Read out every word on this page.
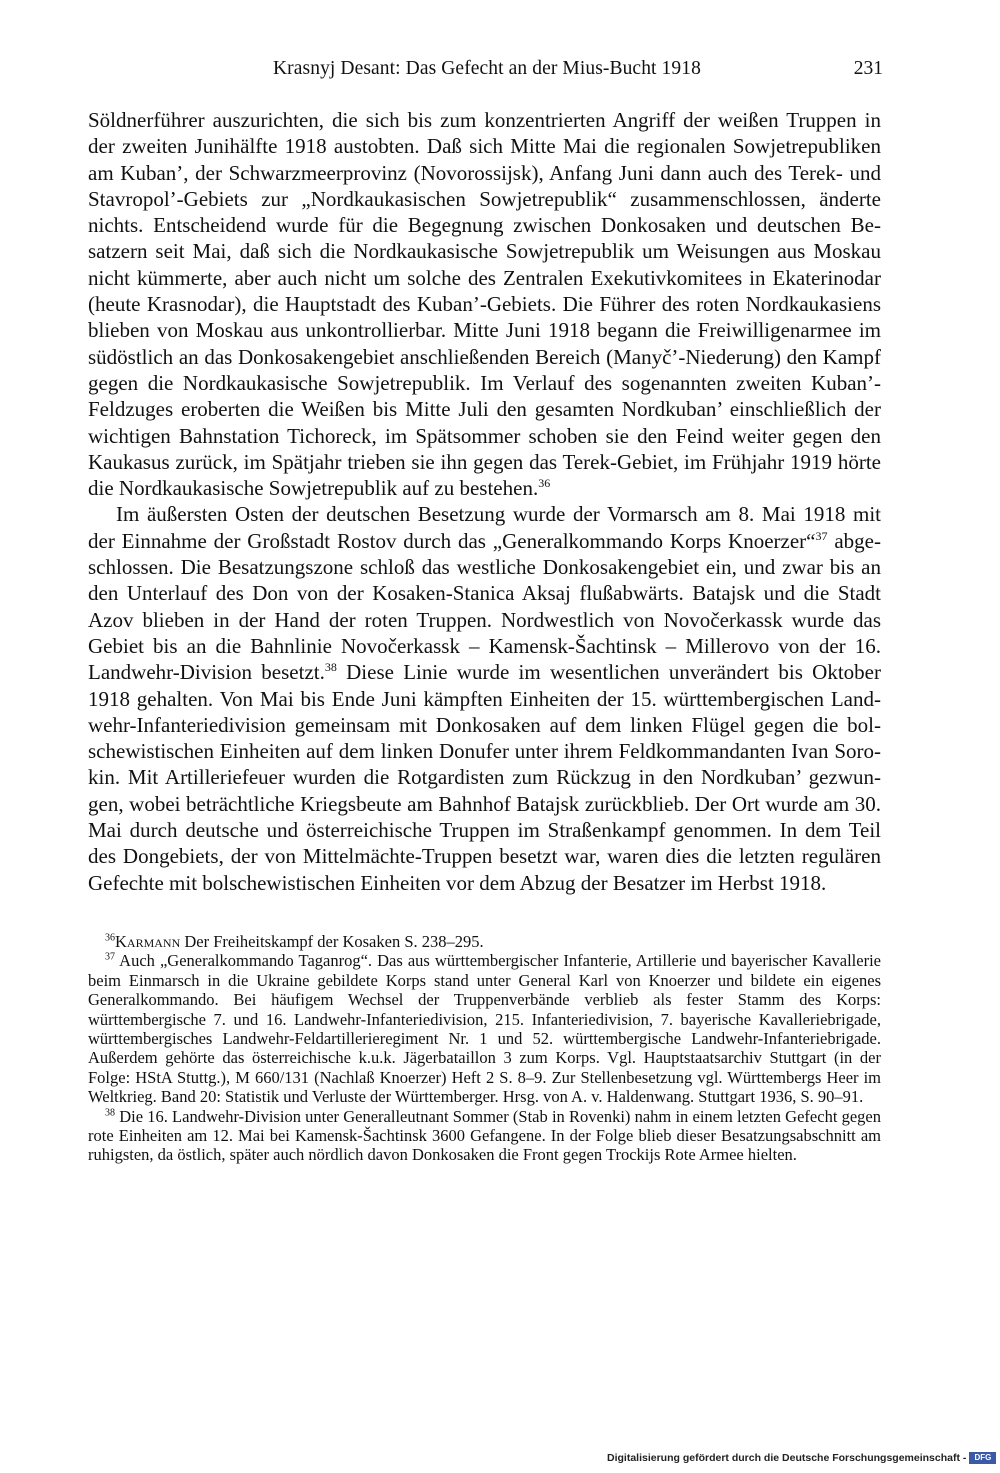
Krasnyj Desant: Das Gefecht an der Mius-Bucht 1918	231

Söldnerführer auszurichten, die sich bis zum konzentrierten Angriff der weißen Truppen in der zweiten Junihälfte 1918 austobten. Daß sich Mitte Mai die regionalen Sowjetrepubliken am Kuban’, der Schwarzmeerprovinz (Novorossijsk), Anfang Juni dann auch des Terek- und Stavropol’-Gebiets zur „Nordkaukasischen Sowjetrepublik“ zusammenschlossen, änderte nichts. Entscheidend wurde für die Begegnung zwischen Donkosaken und deutschen Besatzern seit Mai, daß sich die Nordkaukasische Sowjetrepublik um Weisungen aus Moskau nicht kümmerte, aber auch nicht um solche des Zentralen Exekutivkomitees in Ekaterinodar (heute Krasnodar), die Hauptstadt des Kuban’-Gebiets. Die Führer des roten Nordkaukasiens blieben von Moskau aus unkontrollierbar. Mitte Juni 1918 begann die Freiwilligenarmee im südöstlich an das Donkosakengebiet anschließenden Bereich (Manyč’-Niederung) den Kampf gegen die Nordkaukasische Sowjetrepublik. Im Verlauf des sogenannten zweiten Kuban’-Feldzuges eroberten die Weißen bis Mitte Juli den gesamten Nordkuban’ einschließlich der wichtigen Bahnstation Tichoreck, im Spätsommer schoben sie den Feind weiter gegen den Kaukasus zurück, im Spätjahr trieben sie ihn gegen das Terek-Gebiet, im Frühjahr 1919 hörte die Nordkaukasische Sowjetrepublik auf zu bestehen.$^{36}$

Im äußersten Osten der deutschen Besetzung wurde der Vormarsch am 8. Mai 1918 mit der Einnahme der Großstadt Rostov durch das „Generalkommando Korps Knoerzer“$^{37}$ abgeschlossen. Die Besatzungszone schloß das westliche Donkosakengebiet ein, und zwar bis an den Unterlauf des Don von der Kosaken-Stanica Aksaj flußabwärts. Batajsk und die Stadt Azov blieben in der Hand der roten Truppen. Nordwestlich von Novočerkassk wurde das Gebiet bis an die Bahnlinie Novočerkassk – Kamensk-Šachtinsk – Millerovo von der 16. Landwehr-Division besetzt.$^{38}$ Diese Linie wurde im wesentlichen unverändert bis Oktober 1918 gehalten. Von Mai bis Ende Juni kämpften Einheiten der 15. württembergischen Landwehr-Infanteriedivision gemeinsam mit Donkosaken auf dem linken Flügel gegen die bolschewistischen Einheiten auf dem linken Donufer unter ihrem Feldkommandanten Ivan Sorokin. Mit Artilleriefeuer wurden die Rotgardisten zum Rückzug in den Nordkuban’ gezwungen, wobei beträchtliche Kriegsbeute am Bahnhof Batajsk zurückblieb. Der Ort wurde am 30. Mai durch deutsche und österreichische Truppen im Straßenkampf genommen. In dem Teil des Dongebiets, der von Mittelmächte-Truppen besetzt war, waren dies die letzten regulären Gefechte mit bolschewistischen Einheiten vor dem Abzug der Besatzer im Herbst 1918.

$^{36}$Karmann Der Freiheitskampf der Kosaken S. 238–295.

$^{37}$ Auch „Generalkommando Taganrog“. Das aus württembergischer Infanterie, Artillerie und bayerischer Kavallerie beim Einmarsch in die Ukraine gebildete Korps stand unter General Karl von Knoerzer und bildete ein eigenes Generalkommando. Bei häufigem Wechsel der Truppenverbände verblieb als fester Stamm des Korps: württembergische 7. und 16. Landwehr-Infanteriedivision, 215. Infanteriedivision, 7. bayerische Kavalleriebrigade, württembergisches Landwehr-Feldartillerieregiment Nr. 1 und 52. württembergische Landwehr-Infanteriebrigade. Außerdem gehörte das österreichische k.u.k. Jägerbataillon 3 zum Korps. Vgl. Hauptstaatsarchiv Stuttgart (in der Folge: HStA Stuttg.), M 660/131 (Nachlaß Knoerzer) Heft 2 S. 8–9. Zur Stellenbesetzung vgl. Württembergs Heer im Weltkrieg. Band 20: Statistik und Verluste der Württemberger. Hrsg. von A. v. Haldenwang. Stuttgart 1936, S. 90–91.

$^{38}$ Die 16. Landwehr-Division unter Generalleutnant Sommer (Stab in Rovenki) nahm in einem letzten Gefecht gegen rote Einheiten am 12. Mai bei Kamensk-Šachtinsk 3600 Gefangene. In der Folge blieb dieser Besatzungsabschnitt am ruhigsten, da östlich, später auch nördlich davon Donkosaken die Front gegen Trockijs Rote Armee hielten.

Digitalisierung gefördert durch die Deutsche Forschungsgemeinschaft - DFG
